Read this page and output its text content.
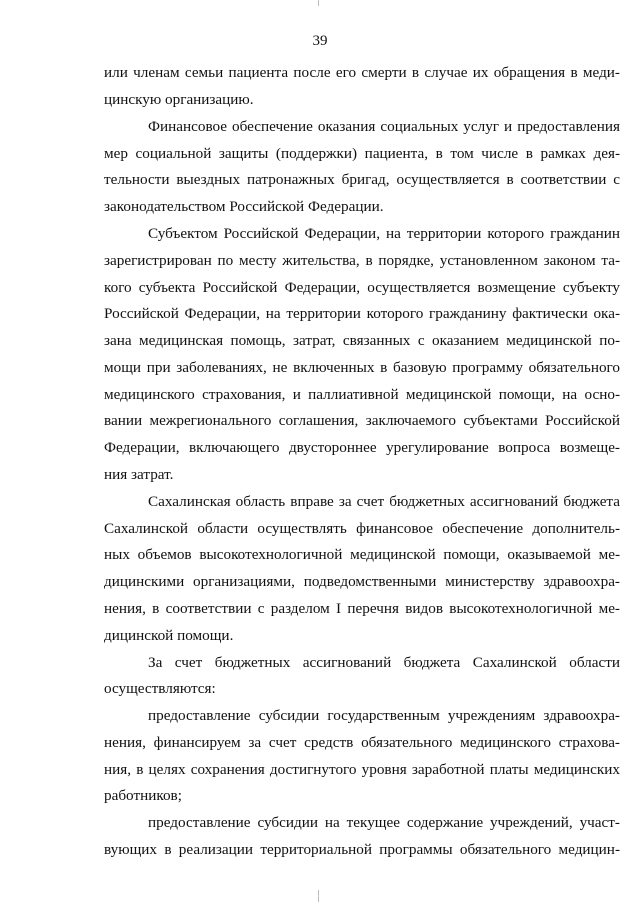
39
или членам семьи пациента после его смерти в случае их обращения в меди-
цинскую организацию.
Финансовое обеспечение оказания социальных услуг и предоставления
мер социальной защиты (поддержки) пациента, в том числе в рамках дея-
тельности выездных патронажных бригад, осуществляется в соответствии с
законодательством Российской Федерации.
Субъектом Российской Федерации, на территории которого гражданин
зарегистрирован по месту жительства, в порядке, установленном законом та-
кого субъекта Российской Федерации, осуществляется возмещение субъекту
Российской Федерации, на территории которого гражданину фактически ока-
зана медицинская помощь, затрат, связанных с оказанием медицинской по-
мощи при заболеваниях, не включенных в базовую программу обязательного
медицинского страхования, и паллиативной медицинской помощи, на осно-
вании межрегионального соглашения, заключаемого субъектами Российской
Федерации, включающего двустороннее урегулирование вопроса возмеще-
ния затрат.
Сахалинская область вправе за счет бюджетных ассигнований бюджета
Сахалинской области осуществлять финансовое обеспечение дополнитель-
ных объемов высокотехнологичной медицинской помощи, оказываемой ме-
дицинскими организациями, подведомственными министерству здравоохра-
нения, в соответствии с разделом I перечня видов высокотехнологичной ме-
дицинской помощи.
За счет бюджетных ассигнований бюджета Сахалинской области
осуществляются:
предоставление субсидии государственным учреждениям здравоохра-
нения, финансируем за счет средств обязательного медицинского страхова-
ния, в целях сохранения достигнутого уровня заработной платы медицинских
работников;
предоставление субсидии на текущее содержание учреждений, участ-
вующих в реализации территориальной программы обязательного медицин-
